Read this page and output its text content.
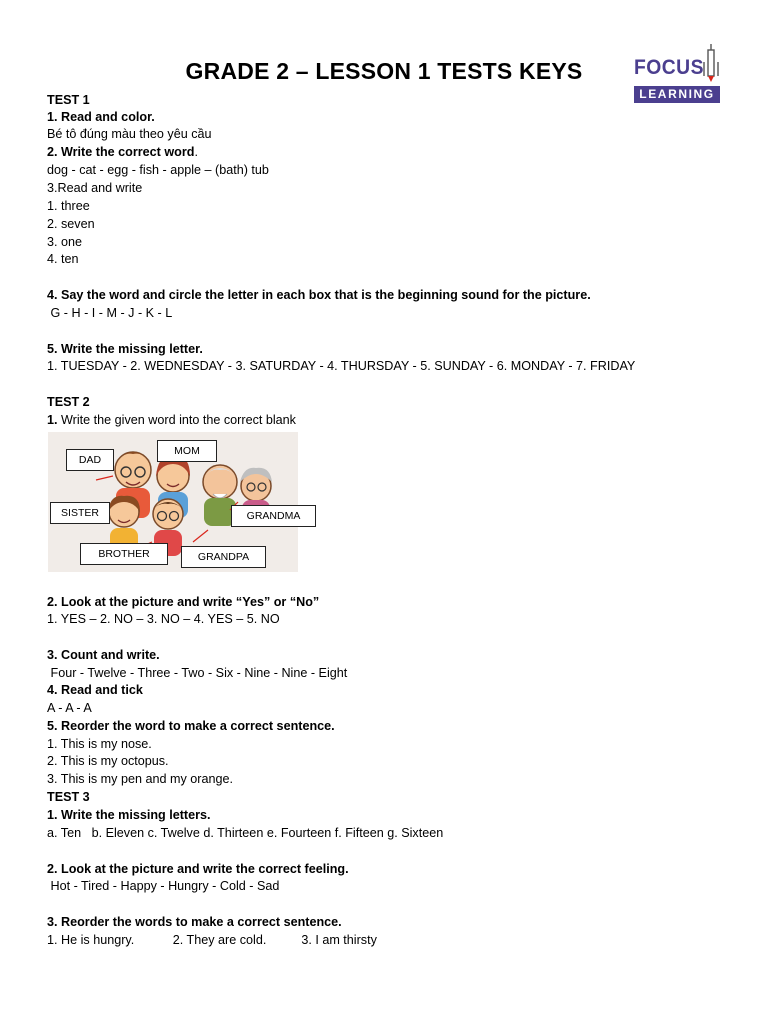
GRADE 2 – LESSON 1 TESTS KEYS	FOCUS
LEARNING
TEST 1
1. Read and color.
Bé tô đúng màu theo yêu cầu
2. Write the correct word.
dog - cat - egg - fish - apple – (bath) tub
3.Read and write
1. three
2. seven
3. one
4. ten
4. Say the word and circle the letter in each box that is the beginning sound for the picture.
G - H - I - M - J - K - L
5. Write the missing letter.
1. TUESDAY - 2. WEDNESDAY - 3. SATURDAY - 4. THURSDAY - 5. SUNDAY - 6. MONDAY - 7. FRIDAY
TEST 2
1. Write the given word into the correct blank
DAD
MOM
SISTER	GRANDMA
BROTHER	GRANDPA
2. Look at the picture and write “Yes” or “No”
1. YES – 2. NO – 3. NO – 4. YES – 5. NO
3. Count and write.
Four - Twelve - Three - Two - Six - Nine - Nine - Eight
4. Read and tick
A - A - A
5. Reorder the word to make a correct sentence.
1. This is my nose.
2. This is my octopus.
3. This is my pen and my orange.
TEST 3
1. Write the missing letters.
a. Ten   b. Eleven c. Twelve d. Thirteen e. Fourteen f. Fifteen g. Sixteen
2. Look at the picture and write the correct feeling.
Hot - Tired - Happy - Hungry - Cold - Sad
3. Reorder the words to make a correct sentence.
1. He is hungry.           2. They are cold.          3. I am thirsty
